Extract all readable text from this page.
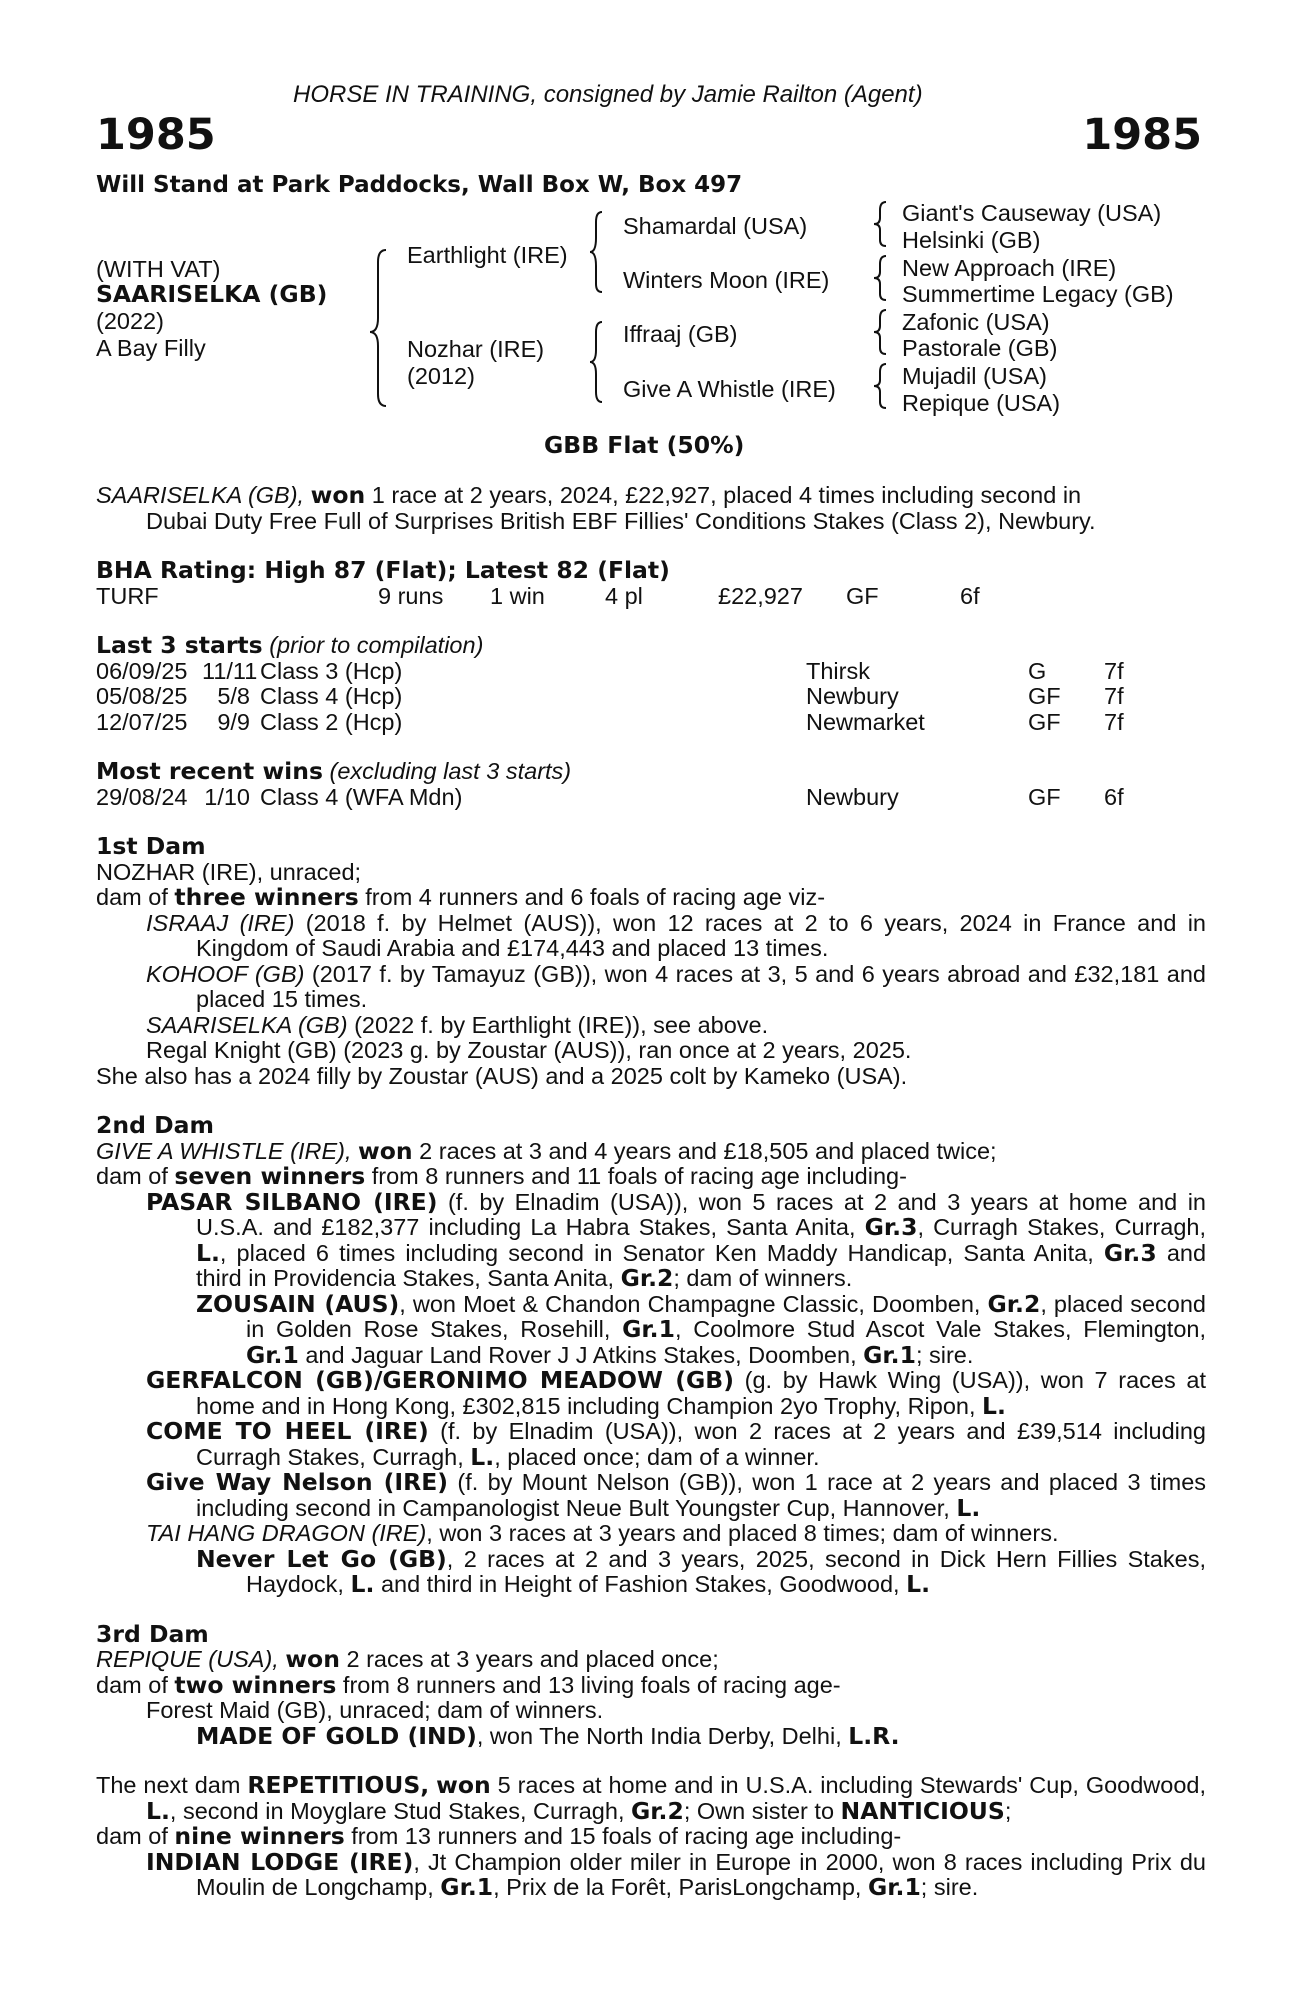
HORSE IN TRAINING, consigned by Jamie Railton (Agent)
1985	1985
Will Stand at Park Paddocks, Wall Box W, Box 497
(WITH VAT)
SAARISELKA (GB)
(2022)
A Bay Filly
Earthlight (IRE)
Nozhar (IRE)
(2012)
Shamardal (USA)
Winters Moon (IRE)
Iffraaj (GB)
Give A Whistle (IRE)
Giant's Causeway (USA)
Helsinki (GB)
New Approach (IRE)
Summertime Legacy (GB)
Zafonic (USA)
Pastorale (GB)
Mujadil (USA)
Repique (USA)
GBB Flat (50%)

SAARISELKA (GB), won 1 race at 2 years, 2024, £22,927, placed 4 times including second in

Dubai Duty Free Full of Surprises British EBF Fillies' Conditions Stakes (Class 2), Newbury.

BHA Rating: High 87 (Flat); Latest 82 (Flat)

TURF	9 runs	1 win	4 pl	£22,927	GF	6f

Last 3 starts (prior to compilation)

06/09/25 11/11 Class 3 (Hcp)	Thirsk	G	7f
05/08/25	5/8 Class 4 (Hcp)	Newbury	GF	7f
12/07/25	9/9 Class 2 (Hcp)	Newmarket	GF	7f

Most recent wins (excluding last 3 starts)

29/08/24 1/10 Class 4 (WFA Mdn)	Newbury	GF	6f

1st Dam

NOZHAR (IRE), unraced;

dam of three winners from 4 runners and 6 foals of racing age viz-

ISRAAJ (IRE) (2018 f. by Helmet (AUS)), won 12 races at 2 to 6 years, 2024 in France and in Kingdom of Saudi Arabia and £174,443 and placed 13 times.

KOHOOF (GB) (2017 f. by Tamayuz (GB)), won 4 races at 3, 5 and 6 years abroad and £32,181 and placed 15 times.

SAARISELKA (GB) (2022 f. by Earthlight (IRE)), see above.

Regal Knight (GB) (2023 g. by Zoustar (AUS)), ran once at 2 years, 2025.

She also has a 2024 filly by Zoustar (AUS) and a 2025 colt by Kameko (USA).

2nd Dam

GIVE A WHISTLE (IRE), won 2 races at 3 and 4 years and £18,505 and placed twice;

dam of seven winners from 8 runners and 11 foals of racing age including-

PASAR SILBANO (IRE) (f. by Elnadim (USA)), won 5 races at 2 and 3 years at home and in U.S.A. and £182,377 including La Habra Stakes, Santa Anita, Gr.3, Curragh Stakes, Curragh, L., placed 6 times including second in Senator Ken Maddy Handicap, Santa Anita, Gr.3 and third in Providencia Stakes, Santa Anita, Gr.2; dam of winners.

ZOUSAIN (AUS), won Moet & Chandon Champagne Classic, Doomben, Gr.2, placed second in Golden Rose Stakes, Rosehill, Gr.1, Coolmore Stud Ascot Vale Stakes, Flemington, Gr.1 and Jaguar Land Rover J J Atkins Stakes, Doomben, Gr.1; sire.

GERFALCON (GB)/GERONIMO MEADOW (GB) (g. by Hawk Wing (USA)), won 7 races at home and in Hong Kong, £302,815 including Champion 2yo Trophy, Ripon, L.

COME TO HEEL (IRE) (f. by Elnadim (USA)), won 2 races at 2 years and £39,514 including Curragh Stakes, Curragh, L., placed once; dam of a winner.

Give Way Nelson (IRE) (f. by Mount Nelson (GB)), won 1 race at 2 years and placed 3 times including second in Campanologist Neue Bult Youngster Cup, Hannover, L.

TAI HANG DRAGON (IRE), won 3 races at 3 years and placed 8 times; dam of winners.

Never Let Go (GB), 2 races at 2 and 3 years, 2025, second in Dick Hern Fillies Stakes, Haydock, L. and third in Height of Fashion Stakes, Goodwood, L.

3rd Dam

REPIQUE (USA), won 2 races at 3 years and placed once;

dam of two winners from 8 runners and 13 living foals of racing age-

Forest Maid (GB), unraced; dam of winners.

MADE OF GOLD (IND), won The North India Derby, Delhi, L.R.

The next dam REPETITIOUS, won 5 races at home and in U.S.A. including Stewards' Cup, Goodwood, L., second in Moyglare Stud Stakes, Curragh, Gr.2; Own sister to NANTICIOUS;

dam of nine winners from 13 runners and 15 foals of racing age including-

INDIAN LODGE (IRE), Jt Champion older miler in Europe in 2000, won 8 races including Prix du Moulin de Longchamp, Gr.1, Prix de la Forêt, ParisLongchamp, Gr.1; sire.
